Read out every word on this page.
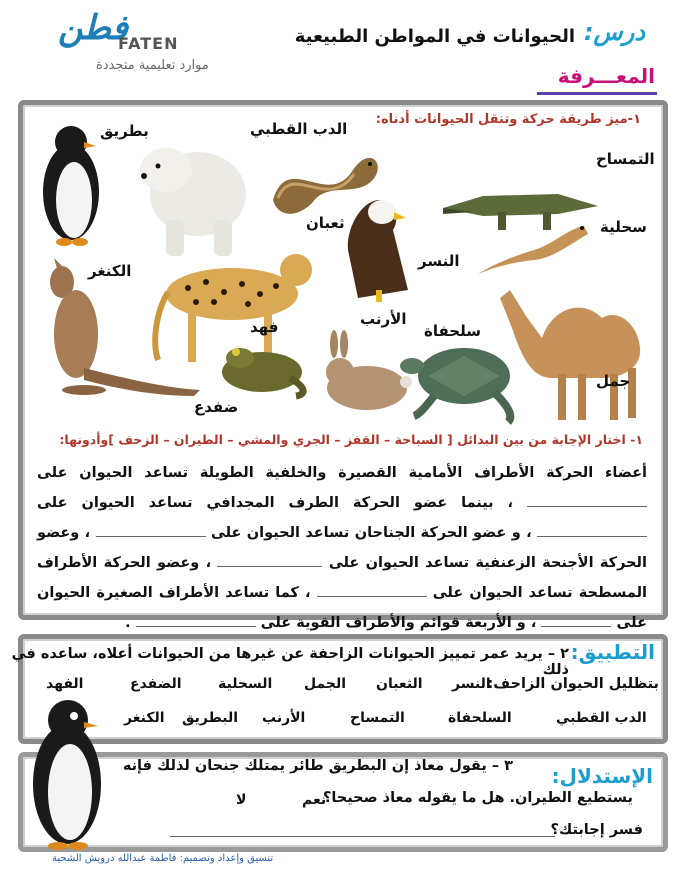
درس:
الحيوانات في المواطن الطبيعية
فطن
FATEN
موارد تعليمية متجددة	المعـــرفة
١-ميز طريقة حركة وتنقل الحيوانات أدناه:
بطريق	الدب القطبي
ثعبان
التمساح
النسر
سحلية
الكنغر
فهد	الأرنب
سلحفاة
جمل
ضفدع
١- اختار الإجابة من بين البدائل [ السباحة – القفز – الجري والمشي – الطيران – الزحف ]وأدونها:
أعضاء الحركة الأطراف الأمامية القصيرة والخلفية الطويلة تساعد الحيوان على  ، بينما عضو الحركة الطرف المجدافي تساعد الحيوان على  ، و عضو الحركة الجناحان تساعد الحيوان على  ، وعضو الحركة الأجنحة الزعنفية تساعد الحيوان على  ، وعضو الحركة الأطراف المسطحة تساعد الحيوان على  ، كما تساعد الأطراف الصغيرة الحيوان على  ، و الأربعة قوائم والأطراف القوية على  .
التطبيق:
٢ – يريد عمر تمييز الحيوانات الزاحفة عن غيرها من الحيوانات أعلاه، ساعده في ذلك
بتظليل الحيوان الزاحف:
النسر
الثعبان
الجمل
السحلية
الضفدع
الفهد
الدب القطبي
السلحفاة
التمساح
الأرنب
البطريق
الكنغر
الإستدلال:
٣ – يقول معاذ إن البطريق طائر يمتلك جنحان لذلك فإنه
يستطيع الطيران. هل ما يقوله معاذ صحيحا؟
نعم
لا
فسر إجابتك؟
تنسيق وإعداد وتصميم: فاطمة عبدالله درويش الشحية
